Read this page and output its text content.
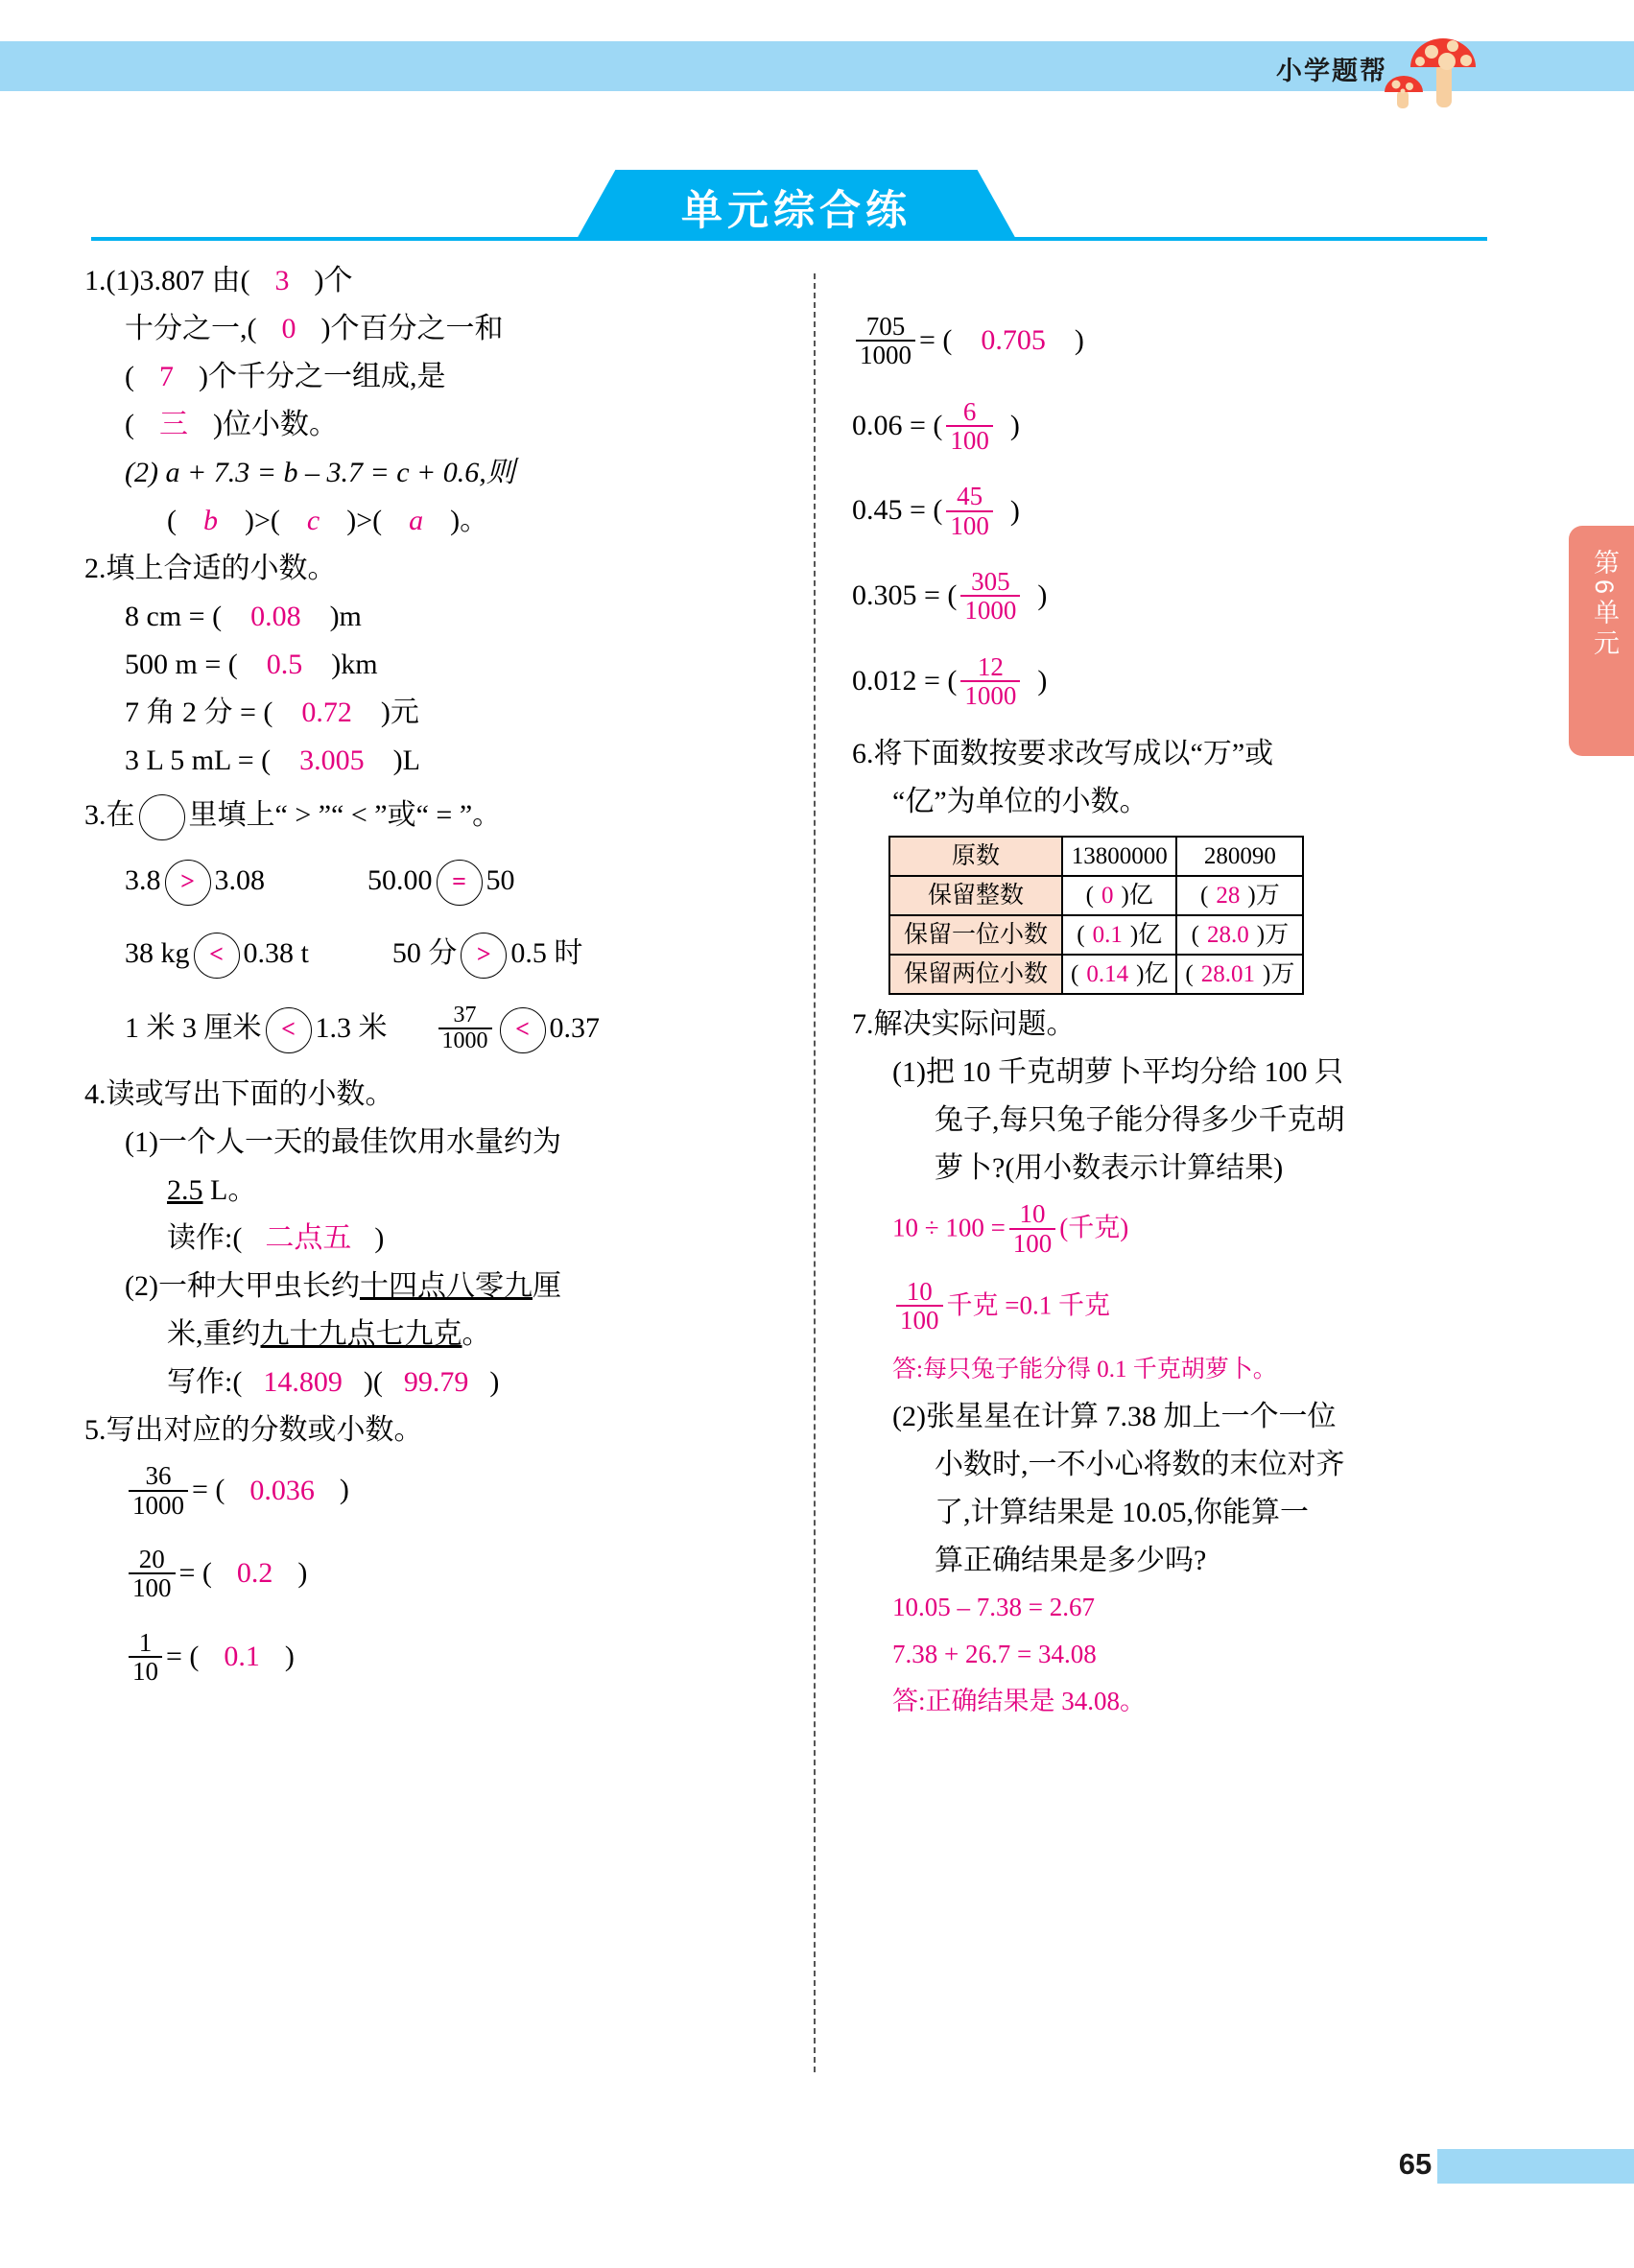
小学题帮
单元综合练
1.(1)3.807 由( 3 )个
十分之一,( 0 )个百分之一和
( 7 )个千分之一组成,是
( 三 )位小数。
(2) a + 7.3 = b – 3.7 = c + 0.6,则
( b )>( c )>( a )。
2.填上合适的小数。
8 cm = ( 0.08 )m
500 m = ( 0.5 )km
7 角 2 分 = ( 0.72 )元
3 L 5 mL = ( 3.005 )L
3.在 里填上“ > ”“ < ”或“ = ”。
3.8 > 3.08	50.00 = 50
38 kg < 0.38 t	50 分 > 0.5 时
1 米 3 厘米 < 1.3 米 $\frac{37}{1000} < 0.37$
4.读或写出下面的小数。
(1)一个人一天的最佳饮用水量约为
2.5 L。
读作:( 二点五 )
(2)一种大甲虫长约十四点八零九厘
米,重约九十九点七九克。
写作:( 14.809 )( 99.79 )
5.写出对应的分数或小数。
$\frac{36}{1000}$ = ( 0.036 )
$\frac{20}{100}$ = ( 0.2 )
$\frac{1}{10}$ = ( 0.1 )
$\frac{705}{1000}$ = ( 0.705 )
0.06 = ( $\frac{6}{100}$ )
0.45 = ( $\frac{45}{100}$ )
0.305 = ( $\frac{305}{1000}$ )
0.012 = ( $\frac{12}{1000}$ )
6.将下面数按要求改写成以“万”或
“亿”为单位的小数。
原数	13800000	280090
保留整数	( 0 )亿	( 28 )万
保留一位小数	( 0.1 )亿	( 28.0 )万
保留两位小数	( 0.14 )亿	( 28.01 )万
7.解决实际问题。
(1)把 10 千克胡萝卜平均分给 100 只
兔子,每只兔子能分得多少千克胡
萝卜?(用小数表示计算结果)
$10 \div 100 = \frac{10}{100}$ (千克)
$\frac{10}{100}$ 千克 =0.1 千克
答:每只兔子能分得 0.1 千克胡萝卜。
(2)张星星在计算 7.38 加上一个一位
小数时,一不小心将数的末位对齐
了,计算结果是 10.05,你能算一
算正确结果是多少吗?
10.05 – 7.38 = 2.67
7.38 + 26.7 = 34.08
答:正确结果是 34.08。
第6单元
65
